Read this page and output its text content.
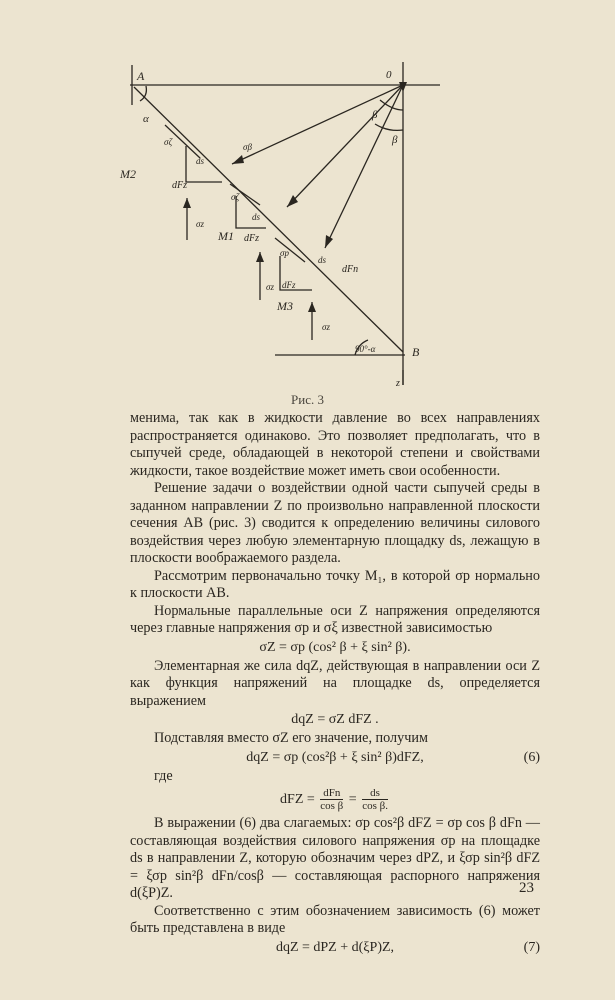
A	0
B
z
α
90°-α
β
β
M2
M1
M3
σβ
σζ
σζ
σp
dFz
dFz
dFz
dFn
ds
ds
ds
σz
σz
σz
Рис. 3

менима, так как в жидкости давление во всех направлениях распространяется одинаково. Это позволяет предполагать, что в сыпучей среде, обладающей в некоторой степени и свойствами жидкости, такое воздействие может иметь свои особенности.

Решение задачи о воздействии одной части сыпучей среды в заданном направлении Z по произвольно направленной плоскости сечения AB (рис. 3) сводится к определению величины силового воздействия через любую элементарную площадку ds, лежащую в плоскости воображаемого раздела.

Рассмотрим первоначально точку M₁, в которой σp нормально к плоскости AB.

Нормальные параллельные оси Z напряжения определяются через главные напряжения σp и σξ известной зависимостью

σZ = σp (cos² β + ξ sin² β).

Элементарная же сила dqZ, действующая в направлении оси Z как функция напряжений на площадке ds, определяется выражением

dqZ = σZ dFZ .

Подставляя вместо σZ его значение, получим

dqZ = σp (cos²β + ξ sin² β)dFZ,	(6)

где

dFZ = $\frac{\text{dFn}}{\text{cos β}} = \frac{ds}{\text{cos β.}}$

В выражении (6) два слагаемых: σp cos²β dFZ = σp cos β dFn — составляющая воздействия силового напряжения σp на площадке ds в направлении Z, которую обозначим через dPZ, и ξσp sin²β dFZ = ξσp sin²β dFn/cosβ — составляющая распорного напряжения d(ξP)Z.

Соответственно с этим обозначением зависимость (6) может быть представлена в виде

dqZ = dPZ + d(ξP)Z,	(7)
23
